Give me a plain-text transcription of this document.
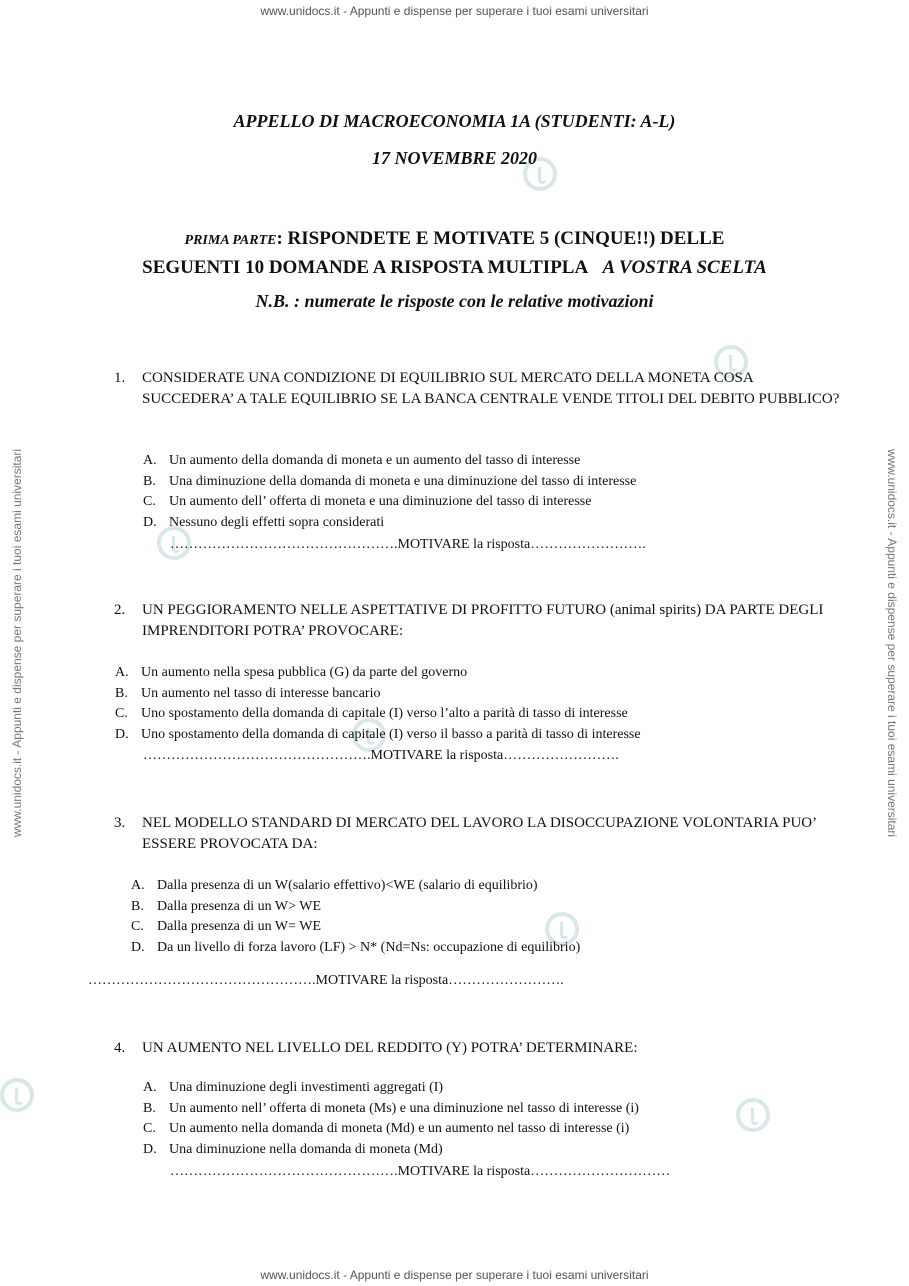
www.unidocs.it - Appunti e dispense per superare i tuoi esami universitari
www.unidocs.it - Appunti e dispense per superare i tuoi esami universitari
www.unidocs.it - Appunti e dispense per superare i tuoi esami universitari	www.unidocs.it - Appunti e dispense per superare i tuoi esami universitari
APPELLO DI MACROECONOMIA 1A (STUDENTI: A-L)
17 NOVEMBRE 2020
PRIMA PARTE: RISPONDETE E MOTIVATE 5 (CINQUE!!) DELLE
SEGUENTI 10 DOMANDE A RISPOSTA MULTIPLA A VOSTRA SCELTA
N.B. : numerate le risposte con le relative motivazioni
1. CONSIDERATE UNA CONDIZIONE DI EQUILIBRIO SUL MERCATO DELLA MONETA COSA SUCCEDERA’ A TALE EQUILIBRIO SE LA BANCA CENTRALE VENDE TITOLI DEL DEBITO PUBBLICO?
A. Un aumento della domanda di moneta e un aumento del tasso di interesse
B. Una diminuzione della domanda di moneta e una diminuzione del tasso di interesse
C. Un aumento dell’ offerta di moneta e una diminuzione del tasso di interesse
D. Nessuno degli effetti sopra considerati
………………………………………….MOTIVARE la risposta…………………….
2. UN PEGGIORAMENTO NELLE ASPETTATIVE DI PROFITTO FUTURO (animal spirits) DA PARTE DEGLI IMPRENDITORI POTRA’ PROVOCARE:
A. Un aumento nella spesa pubblica (G) da parte del governo
B. Un aumento nel tasso di interesse bancario
C. Uno spostamento della domanda di capitale (I) verso l’alto a parità di tasso di interesse
D. Uno spostamento della domanda di capitale (I) verso il basso a parità di tasso di interesse
………………………………………….MOTIVARE la risposta…………………….
3. NEL MODELLO STANDARD DI MERCATO DEL LAVORO LA DISOCCUPAZIONE VOLONTARIA PUO’ ESSERE PROVOCATA DA:
A. Dalla presenza di un W(salario effettivo)<WE (salario di equilibrio)
B. Dalla presenza di un W> WE
C. Dalla presenza di un W= WE
D. Da un livello di forza lavoro (LF) > N* (Nd=Ns: occupazione di equilibrio)
………………………………………….MOTIVARE la risposta…………………….
4. UN AUMENTO NEL LIVELLO DEL REDDITO (Y) POTRA’ DETERMINARE:
A. Una diminuzione degli investimenti aggregati (I)
B. Un aumento nell’ offerta di moneta (Ms) e una diminuzione nel tasso di interesse (i)
C. Un aumento nella domanda di moneta (Md) e un aumento nel tasso di interesse (i)
D. Una diminuzione nella domanda di moneta (Md)
………………………………………….MOTIVARE la risposta…………………………
